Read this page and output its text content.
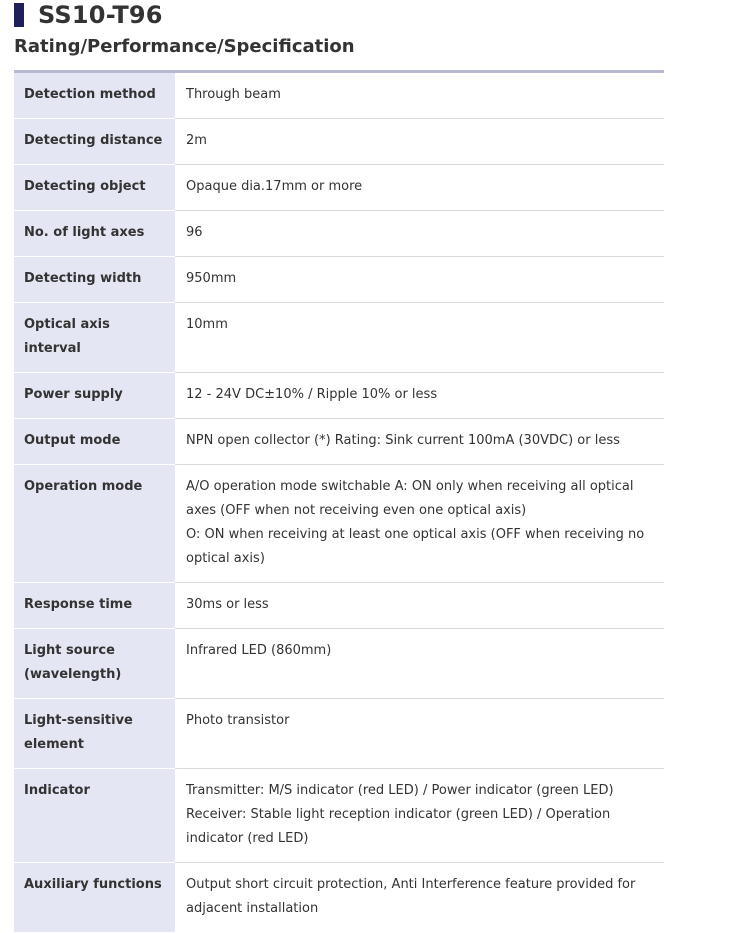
SS10-T96
Rating/Performance/Specification
Detection method	Through beam
Detecting distance	2m
Detecting object	Opaque dia.17mm or more
No. of light axes	96
Detecting width	950mm
Optical axis interval	10mm
Power supply	12 - 24V DC±10% / Ripple 10% or less
Output mode	NPN open collector (*) Rating: Sink current 100mA (30VDC) or less
Operation mode	A/O operation mode switchable A: ON only when receiving all optical axes (OFF when not receiving even one optical axis)
O: ON when receiving at least one optical axis (OFF when receiving no optical axis)

Response time	30ms or less
Light source (wavelength)	Infrared LED (860mm)
Light-sensitive element	Photo transistor
Indicator	Transmitter: M/S indicator (red LED) / Power indicator (green LED)
Receiver: Stable light reception indicator (green LED) / Operation indicator (red LED)

Auxiliary functions	Output short circuit protection, Anti Interference feature provided for adjacent installation
